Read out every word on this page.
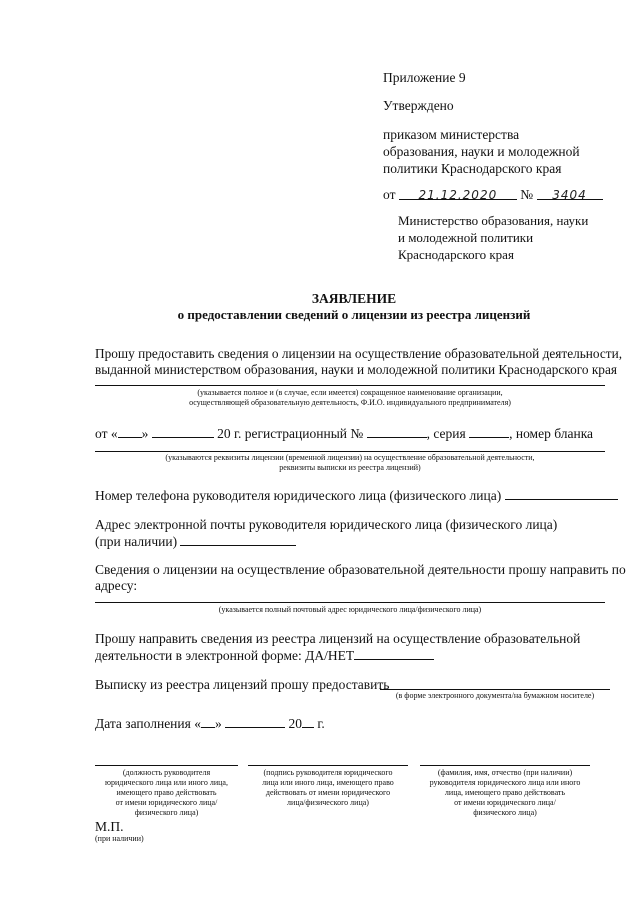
Приложение 9
Утверждено
приказом министерства
образования, науки и молодежной
политики Краснодарского края
от 21.12.2020 № 3404
Министерство образования, науки
и молодежной политики
Краснодарского края
ЗАЯВЛЕНИЕ
о предоставлении сведений о лицензии из реестра лицензий
Прошу предоставить сведения о лицензии на осуществление образовательной деятельности,
выданной министерством образования, науки и молодежной политики Краснодарского края
(указывается полное и (в случае, если имеется) сокращенное наименование организации,
осуществляющей образовательную деятельность, Ф.И.О. индивидуального предпринимателя)
от « »	20 г. регистрационный №	, серия	, номер бланка
(указываются реквизиты лицензии (временной лицензии) на осуществление образовательной деятельности,
реквизиты выписки из реестра лицензий)
Номер телефона руководителя юридического лица (физического лица)
Адрес электронной почты руководителя юридического лица (физического лица)
(при наличии)
Сведения о лицензии на осуществление образовательной деятельности прошу направить по
адресу:
(указывается полный почтовый адрес юридического лица/физического лица)
Прошу направить сведения из реестра лицензий на осуществление образовательной
деятельности в электронной форме: ДА/НЕТ
Выписку из реестра лицензий прошу предоставить
(в форме электронного документа/на бумажном носителе)
Дата заполнения « »	20 г.
(должность руководителя
юридического лица или иного лица,
имеющего право действовать
от имени юридического лица/
физического лица)
(подпись руководителя юридического
лица или иного лица, имеющего право
действовать от имени юридического
лица/физического лица)
(фамилия, имя, отчество (при наличии)
руководителя юридического лица или иного
лица, имеющего право действовать
от имени юридического лица/
физического лица)
М.П.
(при наличии)
